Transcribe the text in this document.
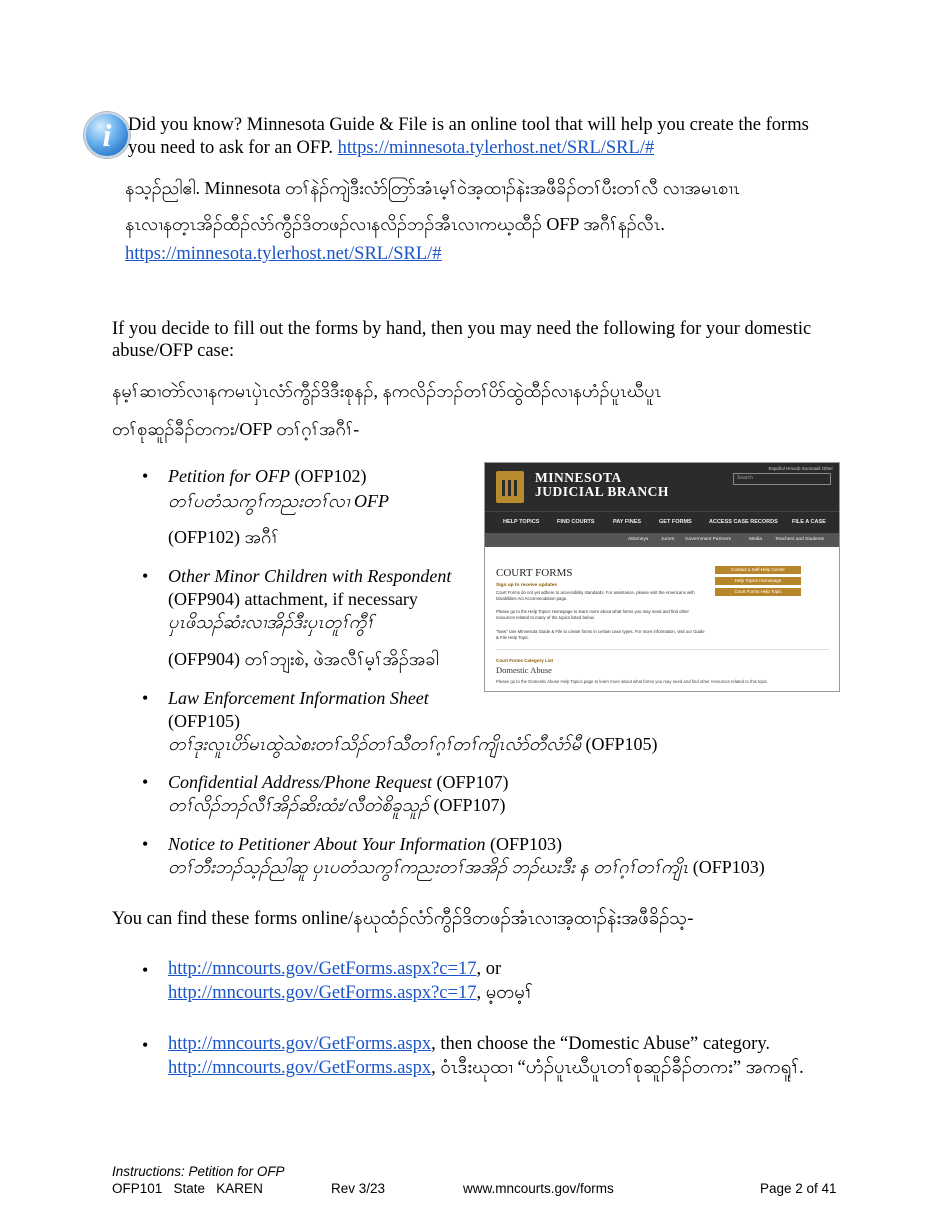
i Did you know? Minnesota Guide & File is an online tool that will help you create the forms
you need to ask for an OFP. https://minnesota.tylerhost.net/SRL/SRL/#
နသ့ၣ်ညါဧါ. Minnesota တၢ်နဲၣ်ကျဲဒီးလံာ်တြာ်အံၤမ့ၢ်ဝဲအ့ထၢၣ်နဲးအဖီခိၣ်တၢ်ပီးတၢ်လီ လၢအမၤစၢၤ
နၤလၢနတ့ၤအိၣ်ထီၣ်လံာ်ကွီၣ်ဒိတဖၣ်လၢနလိၣ်ဘၣ်အီၤလၢကဃ့ထီၣ် OFP အဂီၢ်နၣ်လီၤ.
https://minnesota.tylerhost.net/SRL/SRL/#
If you decide to fill out the forms by hand, then you may need the following for your domestic abuse/OFP case:
နမ့ၢ်ဆၢတဲာ်လၢနကမၤပှဲၤလံာ်ကွီၣ်ဒိဒီးစုနၣ်, နကလိၣ်ဘၣ်တၢ်ပိာ်ထွဲထီၣ်လၢနဟံၣ်ပူၤဃီပူၤ
တၢ်စုဆူၣ်ခီၣ်တကး/OFP တၢ်ဂ့ၢ်အဂီၢ်-
• Petition for OFP (OFP102)
တၢ်ပတံသကွၢ်ကညးတၢ်လၢ OFP
(OFP102) အဂီၢ်
• Other Minor Children with Respondent
(OFP904) attachment, if necessary
ပှၤဖိသၣ်ဆံးလၢအိၣ်ဒီးပှၤတူၢ်ကွီၢ်
(OFP904) တၢ်ဘျးစဲ, ဖဲအလီၢ်မ့ၢ်အိၣ်အခါ
• Law Enforcement Information Sheet
(OFP105)
တၢ်ဒုးလူၤပိာ်မၤထွဲသဲစးတၢ်သိၣ်တၢ်သီတၢ်ဂ့ၢ်တၢ်ကျိၤလံာ်တီလံာ်မီ (OFP105)
• Confidential Address/Phone Request (OFP107)
တၢ်လိၣ်ဘၣ်လီၢ်အိၣ်ဆိးထံး/လီတဲစိခူသူၣ် (OFP107)
• Notice to Petitioner About Your Information (OFP103)
တၢ်ဘီးဘၣ်သ့ၣ်ညါဆူ ပှၤပတံသကွၢ်ကညးတၢ်အအိၣ် ဘၣ်ဃးဒီး န တၢ်ဂ့ၢ်တၢ်ကျိၤ (OFP103)
MINNESOTA
JUDICIAL BRANCH
Español Hmoob Soomaali Other
Search
HELP TOPICS	FIND COURTS	PAY FINES	GET FORMS	ACCESS CASE RECORDS	FILE A CASE
Attorneys	Jurors Government Partners	Media	Teachers and Students
COURT FORMS
Sign up to receive updates
Court Forms do not yet adhere to accessibility standards. For assistance, please visit the Americans with Disabilities Act Accommodation page.
Please go to the Help Topics Homepage to learn more about what forms you may need and find other resources related to many of the topics listed below.
"New" Use Minnesota Guide & File to create forms in certain case types. For more information, visit our Guide & File Help Topic.
Contact a Self-Help Center
Help Topics Homepage
Court Forms Help Topic
Court Forms Category List
Domestic Abuse
Please go to the Domestic Abuse Help Topics page to learn more about what forms you may need and find other resources related to this topic.
You can find these forms online/နဃုထံၣ်လံာ်ကွီၣ်ဒိတဖၣ်အံၤလၢအ့ထၢၣ်နဲးအဖီခိၣ်သ့-
• http://mncourts.gov/GetForms.aspx?c=17, or
http://mncourts.gov/GetForms.aspx?c=17, မ့တမ့ၢ်
• http://mncourts.gov/GetForms.aspx, then choose the “Domestic Abuse” category.
http://mncourts.gov/GetForms.aspx, ဝံၤဒီးဃုထၢ “ဟံၣ်ပူၤဃီပူၤတၢ်စုဆူၣ်ခီၣ်တကး” အကရူၢ်.
Instructions: Petition for OFP
OFP101   State   KAREN	Rev 3/23	www.mncourts.gov/forms	Page 2 of 41
